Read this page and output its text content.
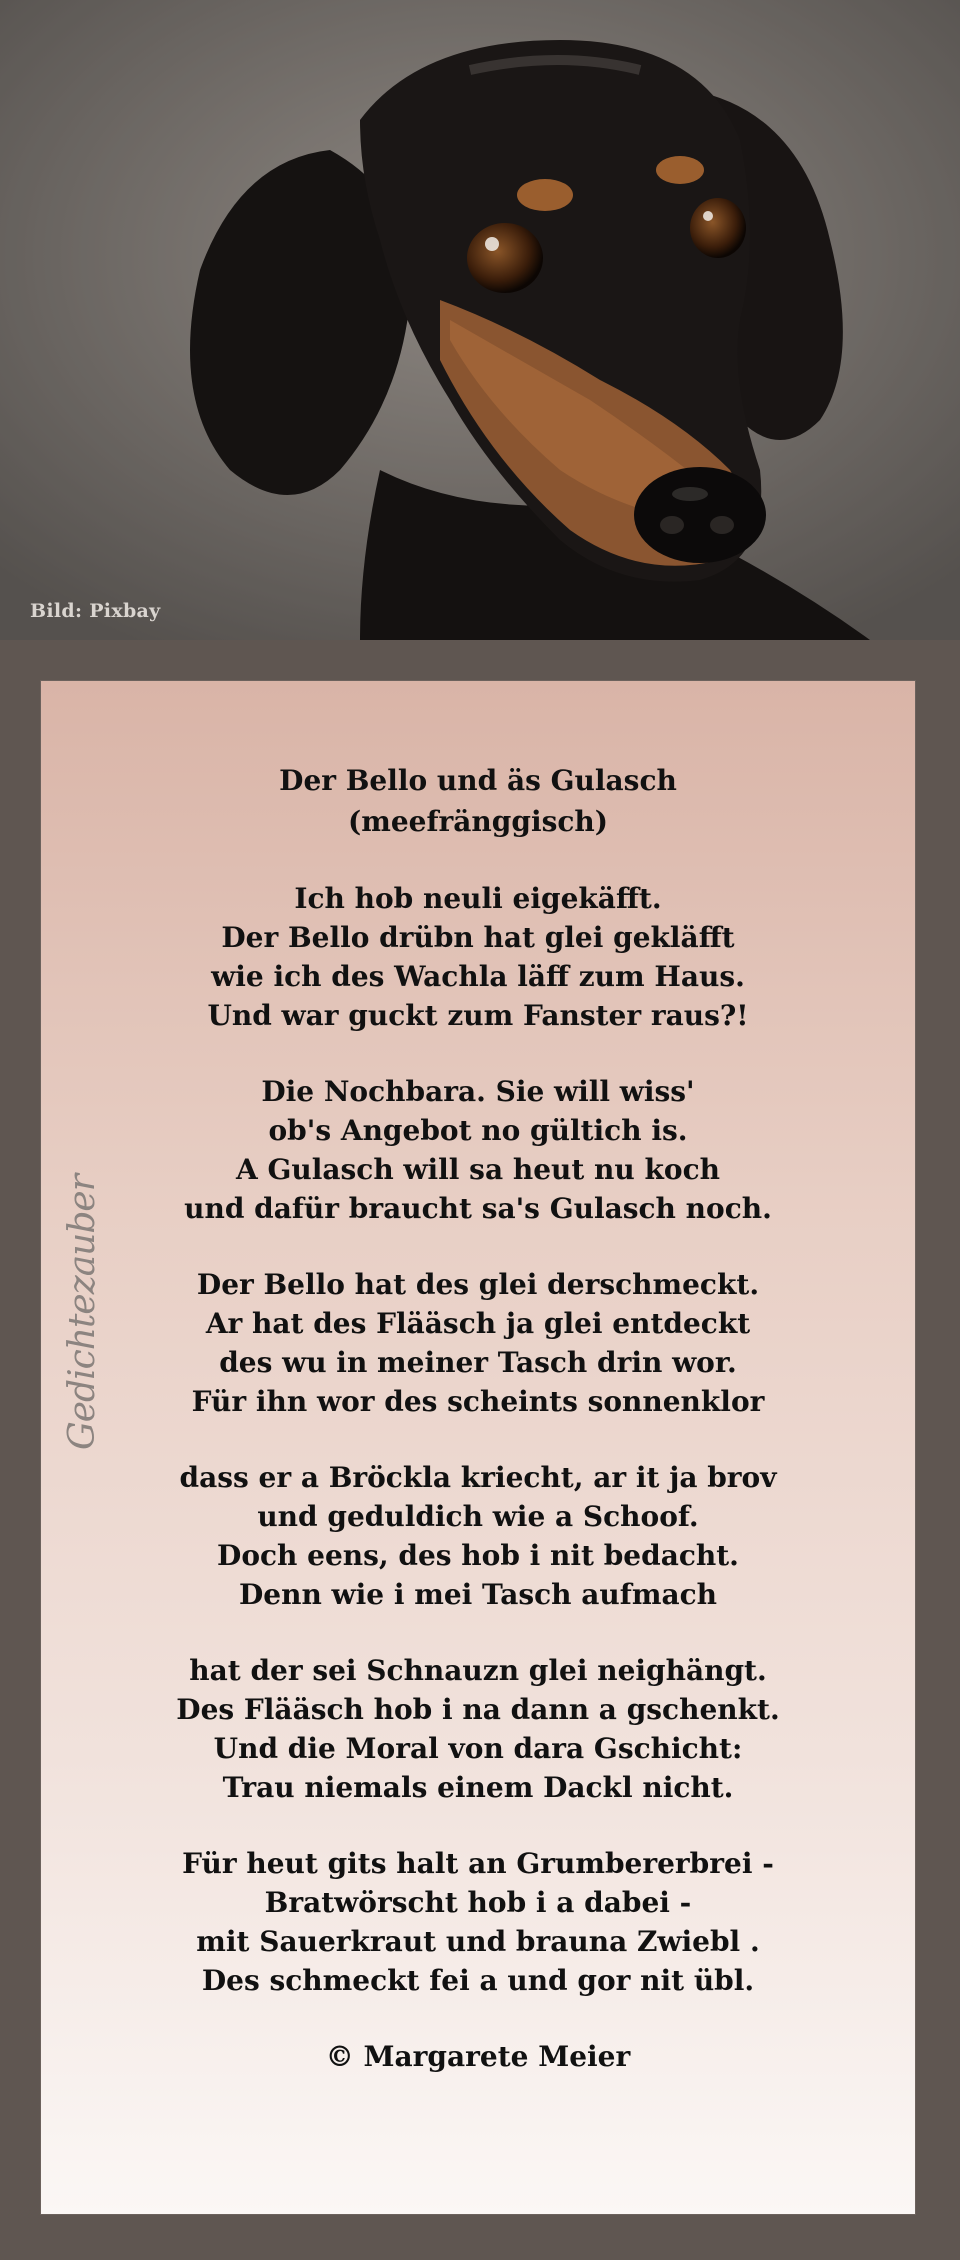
Bild: Pixbay
Gedichtezauber
Der Bello und äs Gulasch
(meefränggisch)
Ich hob neuli eigekäfft.
Der Bello drübn hat glei gekläfft
wie ich des Wachla läff zum Haus.
Und war guckt zum Fanster raus?!
Die Nochbara. Sie will wiss'
ob's Angebot no gültich is.
A Gulasch will sa heut nu koch
und dafür braucht sa's Gulasch noch.
Der Bello hat des glei derschmeckt.
Ar hat des Flääsch ja glei entdeckt
des wu in meiner Tasch drin wor.
Für ihn wor des scheints sonnenklor
dass er a Bröckla kriecht, ar it ja brov
und geduldich wie a Schoof.
Doch eens, des hob i nit bedacht.
Denn wie i mei Tasch aufmach
hat der sei Schnauzn glei neighängt.
Des Flääsch hob i na dann a gschenkt.
Und die Moral von dara Gschicht:
Trau niemals einem Dackl nicht.
Für heut gits halt an Grumbererbrei -
Bratwörscht hob i a dabei -
mit Sauerkraut und brauna Zwiebl .
Des schmeckt fei a und gor nit übl.
© Margarete Meier
